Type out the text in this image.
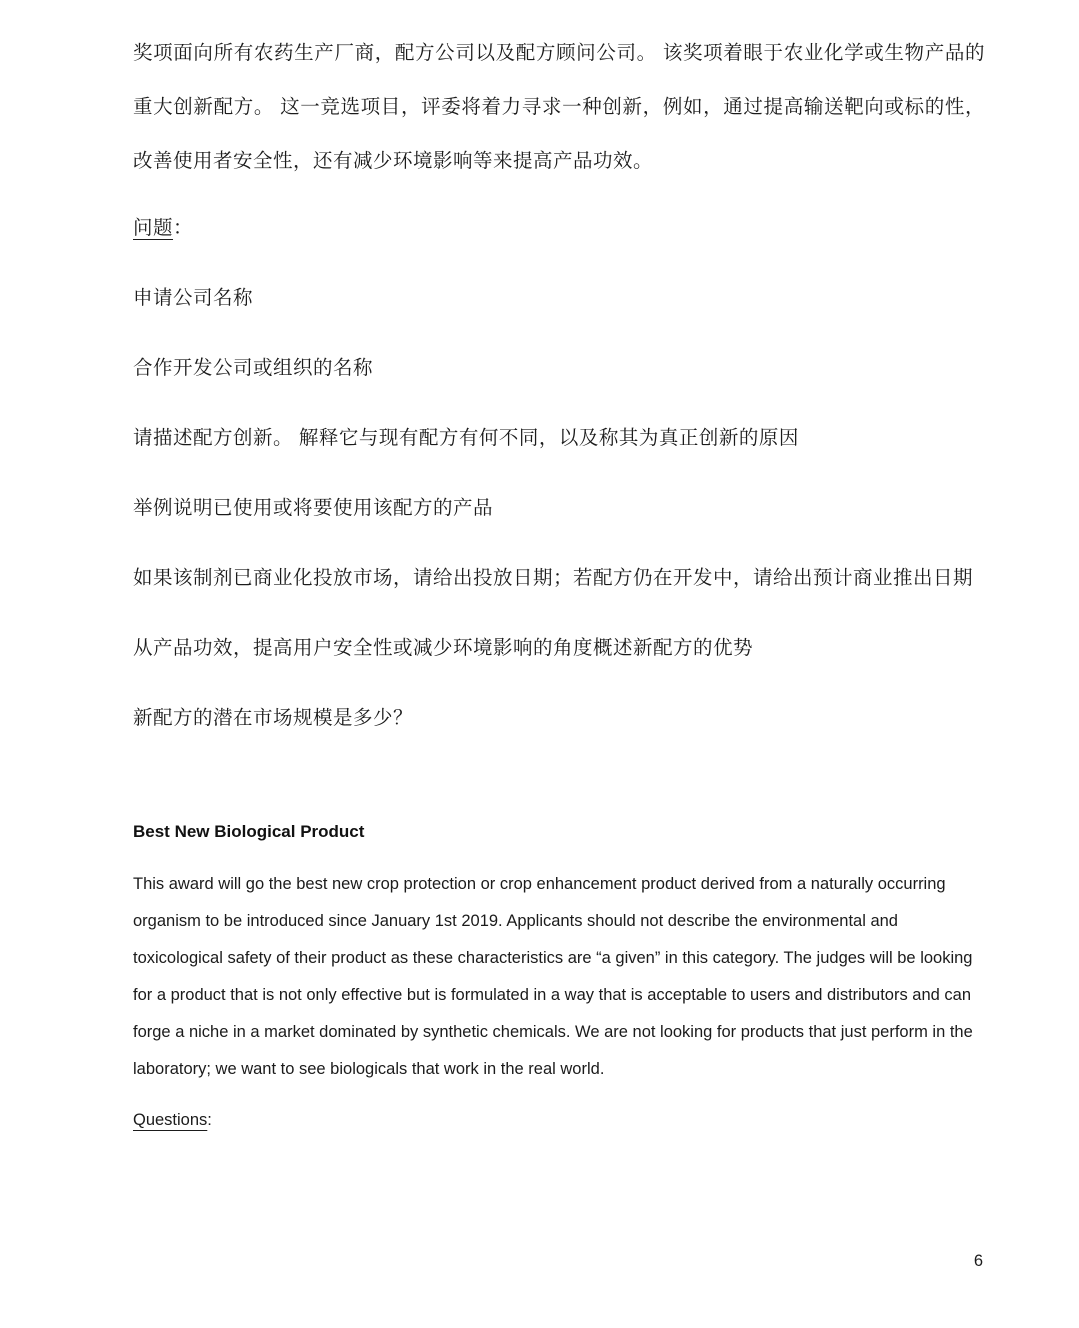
奖项面向所有农药生产厂商，配方公司以及配方顾问公司。 该奖项着眼于农业化学或生物产品的重大创新配方。 这一竞选项目，评委将着力寻求一种创新，例如，通过提高输送靶向或标的性，改善使用者安全性，还有减少环境影响等来提高产品功效。

问题：

申请公司名称

合作开发公司或组织的名称

请描述配方创新。 解释它与现有配方有何不同，以及称其为真正创新的原因

举例说明已使用或将要使用该配方的产品

如果该制剂已商业化投放市场，请给出投放日期；若配方仍在开发中，请给出预计商业推出日期

从产品功效，提高用户安全性或减少环境影响的角度概述新配方的优势

新配方的潜在市场规模是多少？

Best New Biological Product

This award will go the best new crop protection or crop enhancement product derived from a naturally occurring organism to be introduced since January 1st 2019. Applicants should not describe the environmental and toxicological safety of their product as these characteristics are “a given” in this category. The judges will be looking for a product that is not only effective but is formulated in a way that is acceptable to users and distributors and can forge a niche in a market dominated by synthetic chemicals. We are not looking for products that just perform in the laboratory; we want to see biologicals that work in the real world.

Questions:

6
